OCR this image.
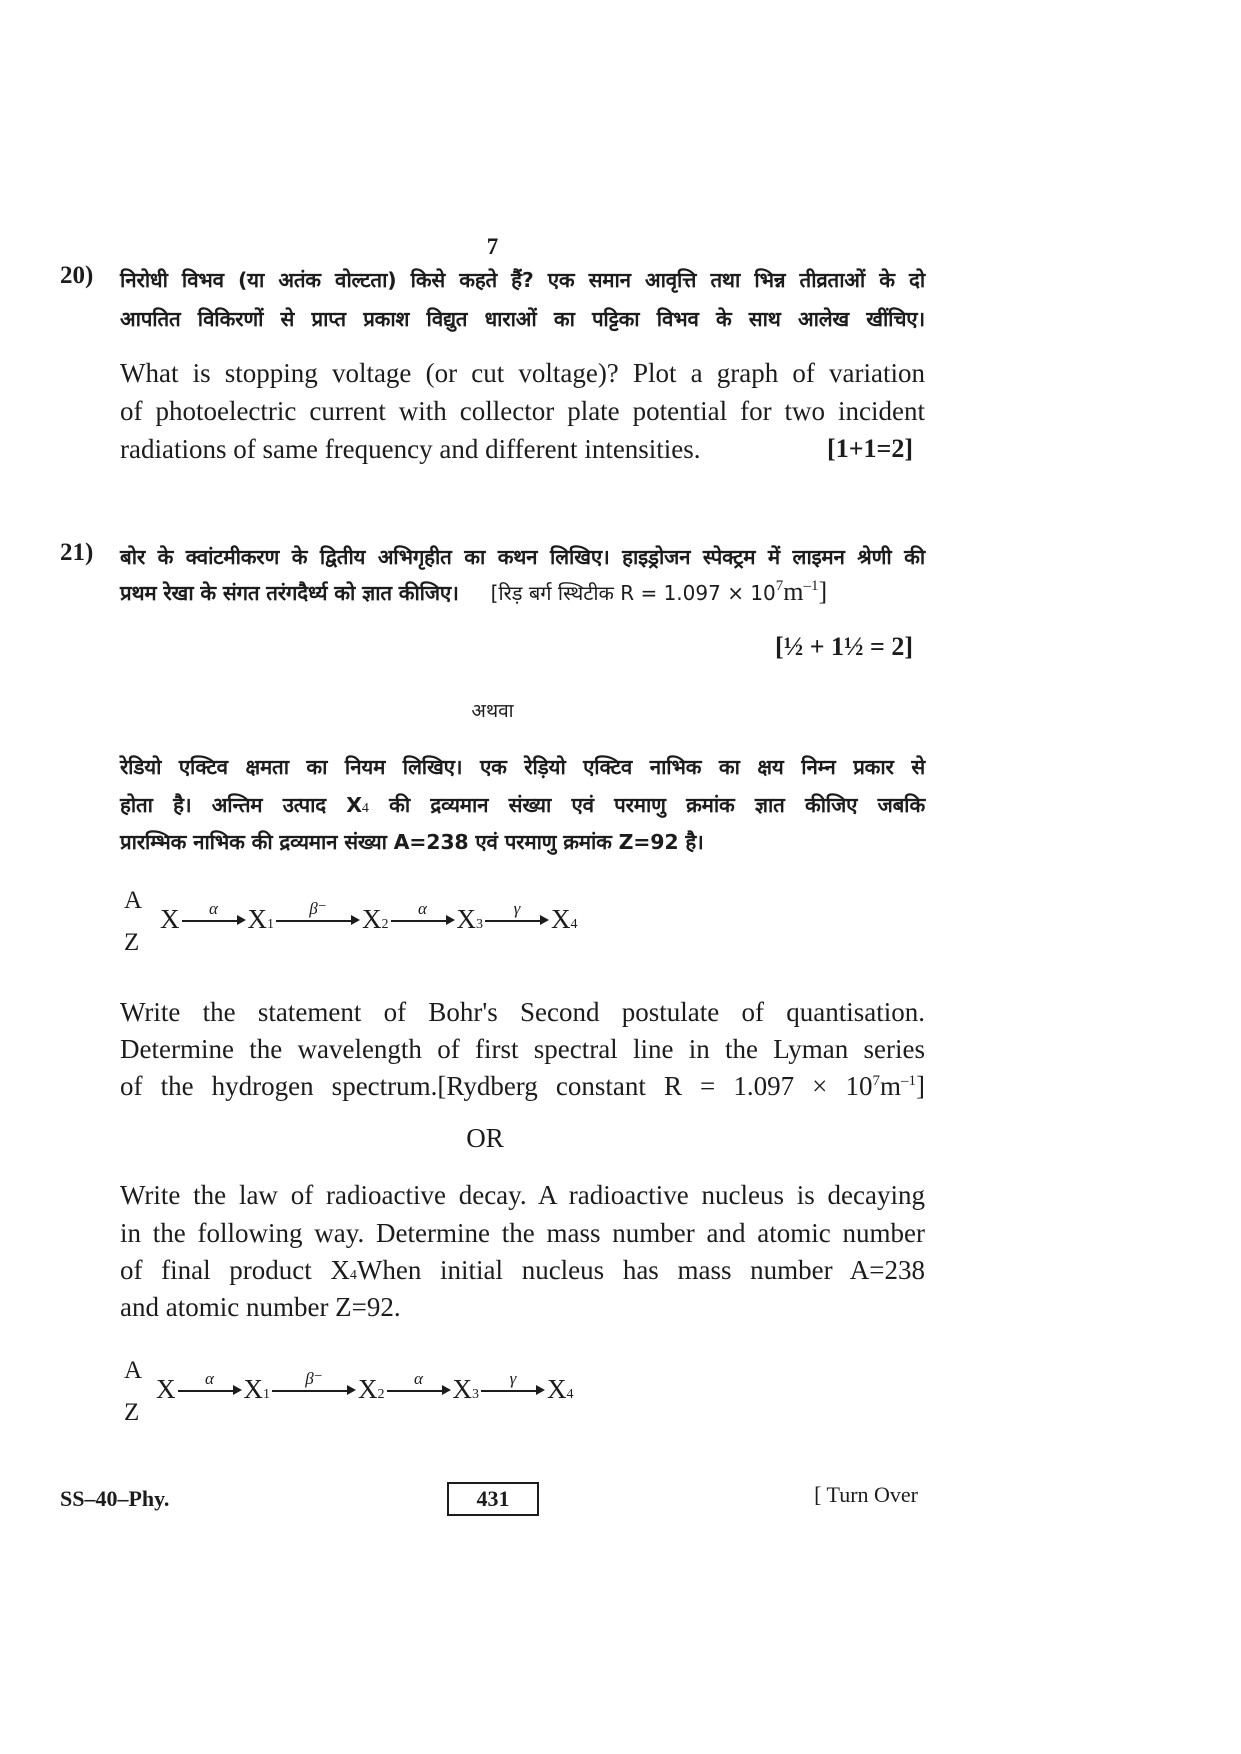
7
20) निरोधी विभव (या अतंक वोल्टता) किसे कहते हैं? एक समान आवृत्ति तथा भिन्न तीव्रताओं के दो
आपतित विकिरणों से प्राप्त प्रकाश विद्युत धाराओं का पट्टिका विभव के साथ आलेख खींचिए।
What is stopping voltage (or cut voltage)? Plot a graph of variation
of photoelectric current with collector plate potential for two incident
radiations of same frequency and different intensities.	[1+1=2]
21) बोर के क्वांटमीकरण के द्वितीय अभिगृहीत का कथन लिखिए। हाइड्रोजन स्पेक्ट्रम में लाइमन श्रेणी की
प्रथम रेखा के संगत तरंगदैर्ध्य को ज्ञात कीजिए। [रिड़ बर्ग स्थिटीक $R = 1.097 \times 10^7m^{-1}$]
[½ + 1½ = 2]
अथवा
रेडियो एक्टिव क्षमता का नियम लिखिए। एक रेड़ियो एक्टिव नाभिक का क्षय निम्न प्रकार से
होता है। अन्तिम उत्पाद X4 की द्रव्यमान संख्या एवं परमाणु क्रमांक ज्ञात कीजिए जबकि
प्रारम्भिक नाभिक की द्रव्यमान संख्या A=238 एवं परमाणु क्रमांक Z=92 है।
A
Z
X	α	X1
β⁻	X2
α	X3
γ	X4
Write the statement of Bohr's Second postulate of quantisation.
Determine the wavelength of first spectral line in the Lyman series
of the hydrogen spectrum.[Rydberg constant $R = 1.097 \times 10^7m^{-1}$]
OR
Write the law of radioactive decay. A radioactive nucleus is decaying
in the following way. Determine the mass number and atomic number
of final product X4When initial nucleus has mass number A=238
and atomic number Z=92.
A
Z
X	α	X1
β⁻	X2
α	X3
γ	X4
SS–40–Phy.	431	[ Turn Over
